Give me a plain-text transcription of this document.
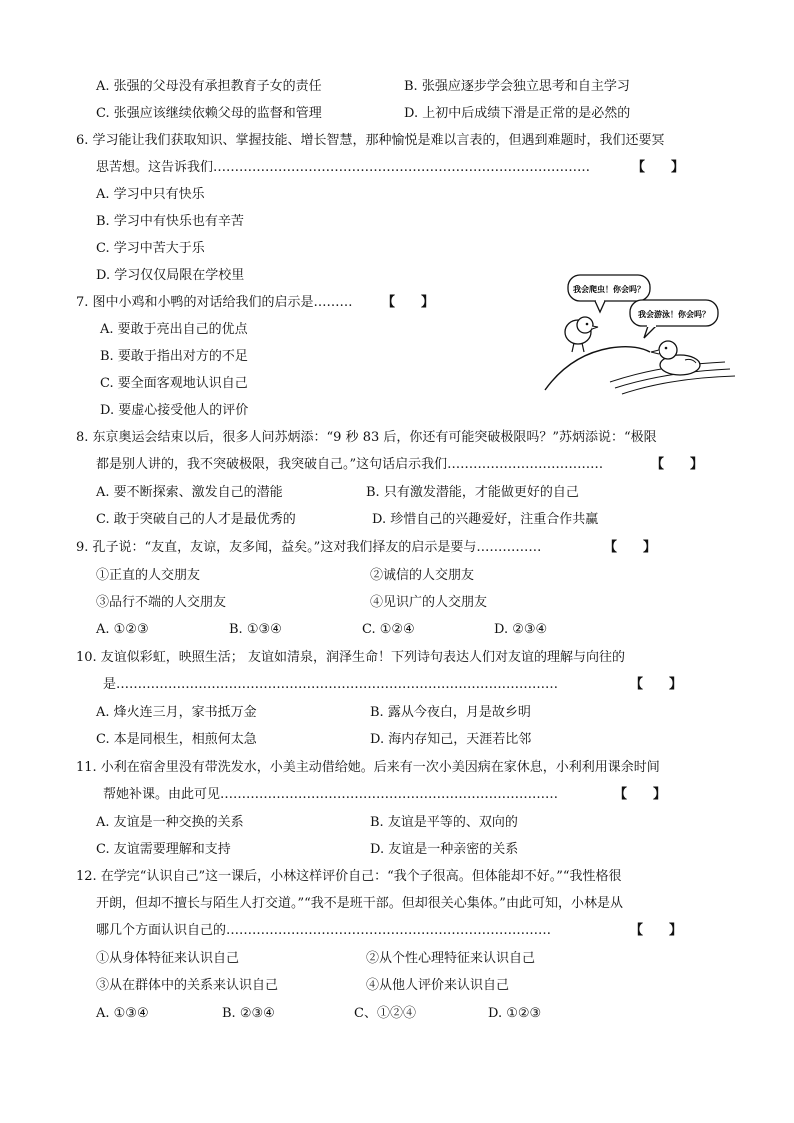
A. 张强的父母没有承担教育子女的责任	B. 张强应逐步学会独立思考和自主学习
C. 张强应该继续依赖父母的监督和管理	D. 上初中后成绩下滑是正常的是必然的
6. 学习能让我们获取知识、掌握技能、增长智慧，那种愉悦是难以言表的，但遇到难题时，我们还要冥
思苦想。这告诉我们……………………………………………………………………………	【　　】
A. 学习中只有快乐
B. 学习中有快乐也有辛苦
C. 学习中苦大于乐
D. 学习仅仅局限在学校里
7. 图中小鸡和小鸭的对话给我们的启示是……… 【　　】
A. 要敢于亮出自己的优点
B. 要敢于指出对方的不足
C. 要全面客观地认识自己
D. 要虚心接受他人的评价
我会爬虫！你会吗？
我会游泳！你会吗？
8. 东京奥运会结束以后，很多人问苏炳添：“9 秒 83 后，你还有可能突破极限吗？”苏炳添说：“极限
都是别人讲的，我不突破极限，我突破自己。”这句话启示我们………………………………	【　　】
A. 要不断探索、激发自己的潜能	B. 只有激发潜能，才能做更好的自己
C. 敢于突破自己的人才是最优秀的	D. 珍惜自己的兴趣爱好，注重合作共赢
9. 孔子说：“友直，友谅，友多闻，益矣。”这对我们择友的启示是要与……………	【　　】
①正直的人交朋友	②诚信的人交朋友
③品行不端的人交朋友	④见识广的人交朋友
A. ①②③	B. ①③④	C. ①②④	D. ②③④
10. 友谊似彩虹，映照生活； 友谊如清泉，润泽生命！下列诗句表达人们对友谊的理解与向往的
是…………………………………………………………………………………………	【　　】
A. 烽火连三月，家书抵万金	B. 露从今夜白，月是故乡明
C. 本是同根生，相煎何太急	D. 海内存知己，天涯若比邻
11. 小利在宿舍里没有带洗发水，小美主动借给她。后来有一次小美因病在家休息，小利利用课余时间
帮她补课。由此可见……………………………………………………………………	【　　】
A. 友谊是一种交换的关系	B. 友谊是平等的、双向的
C. 友谊需要理解和支持	D. 友谊是一种亲密的关系
12. 在学完“认识自己”这一课后，小林这样评价自己：“我个子很高。但体能却不好。”“我性格很
开朗，但却不擅长与陌生人打交道。”“我不是班干部。但却很关心集体。”由此可知，小林是从
哪几个方面认识自己的…………………………………………………………………	【　　】
①从身体特征来认识自己	②从个性心理特征来认识自己
③从在群体中的关系来认识自己	④从他人评价来认识自己
A. ①③④	B. ②③④	C、①②④	D. ①②③
